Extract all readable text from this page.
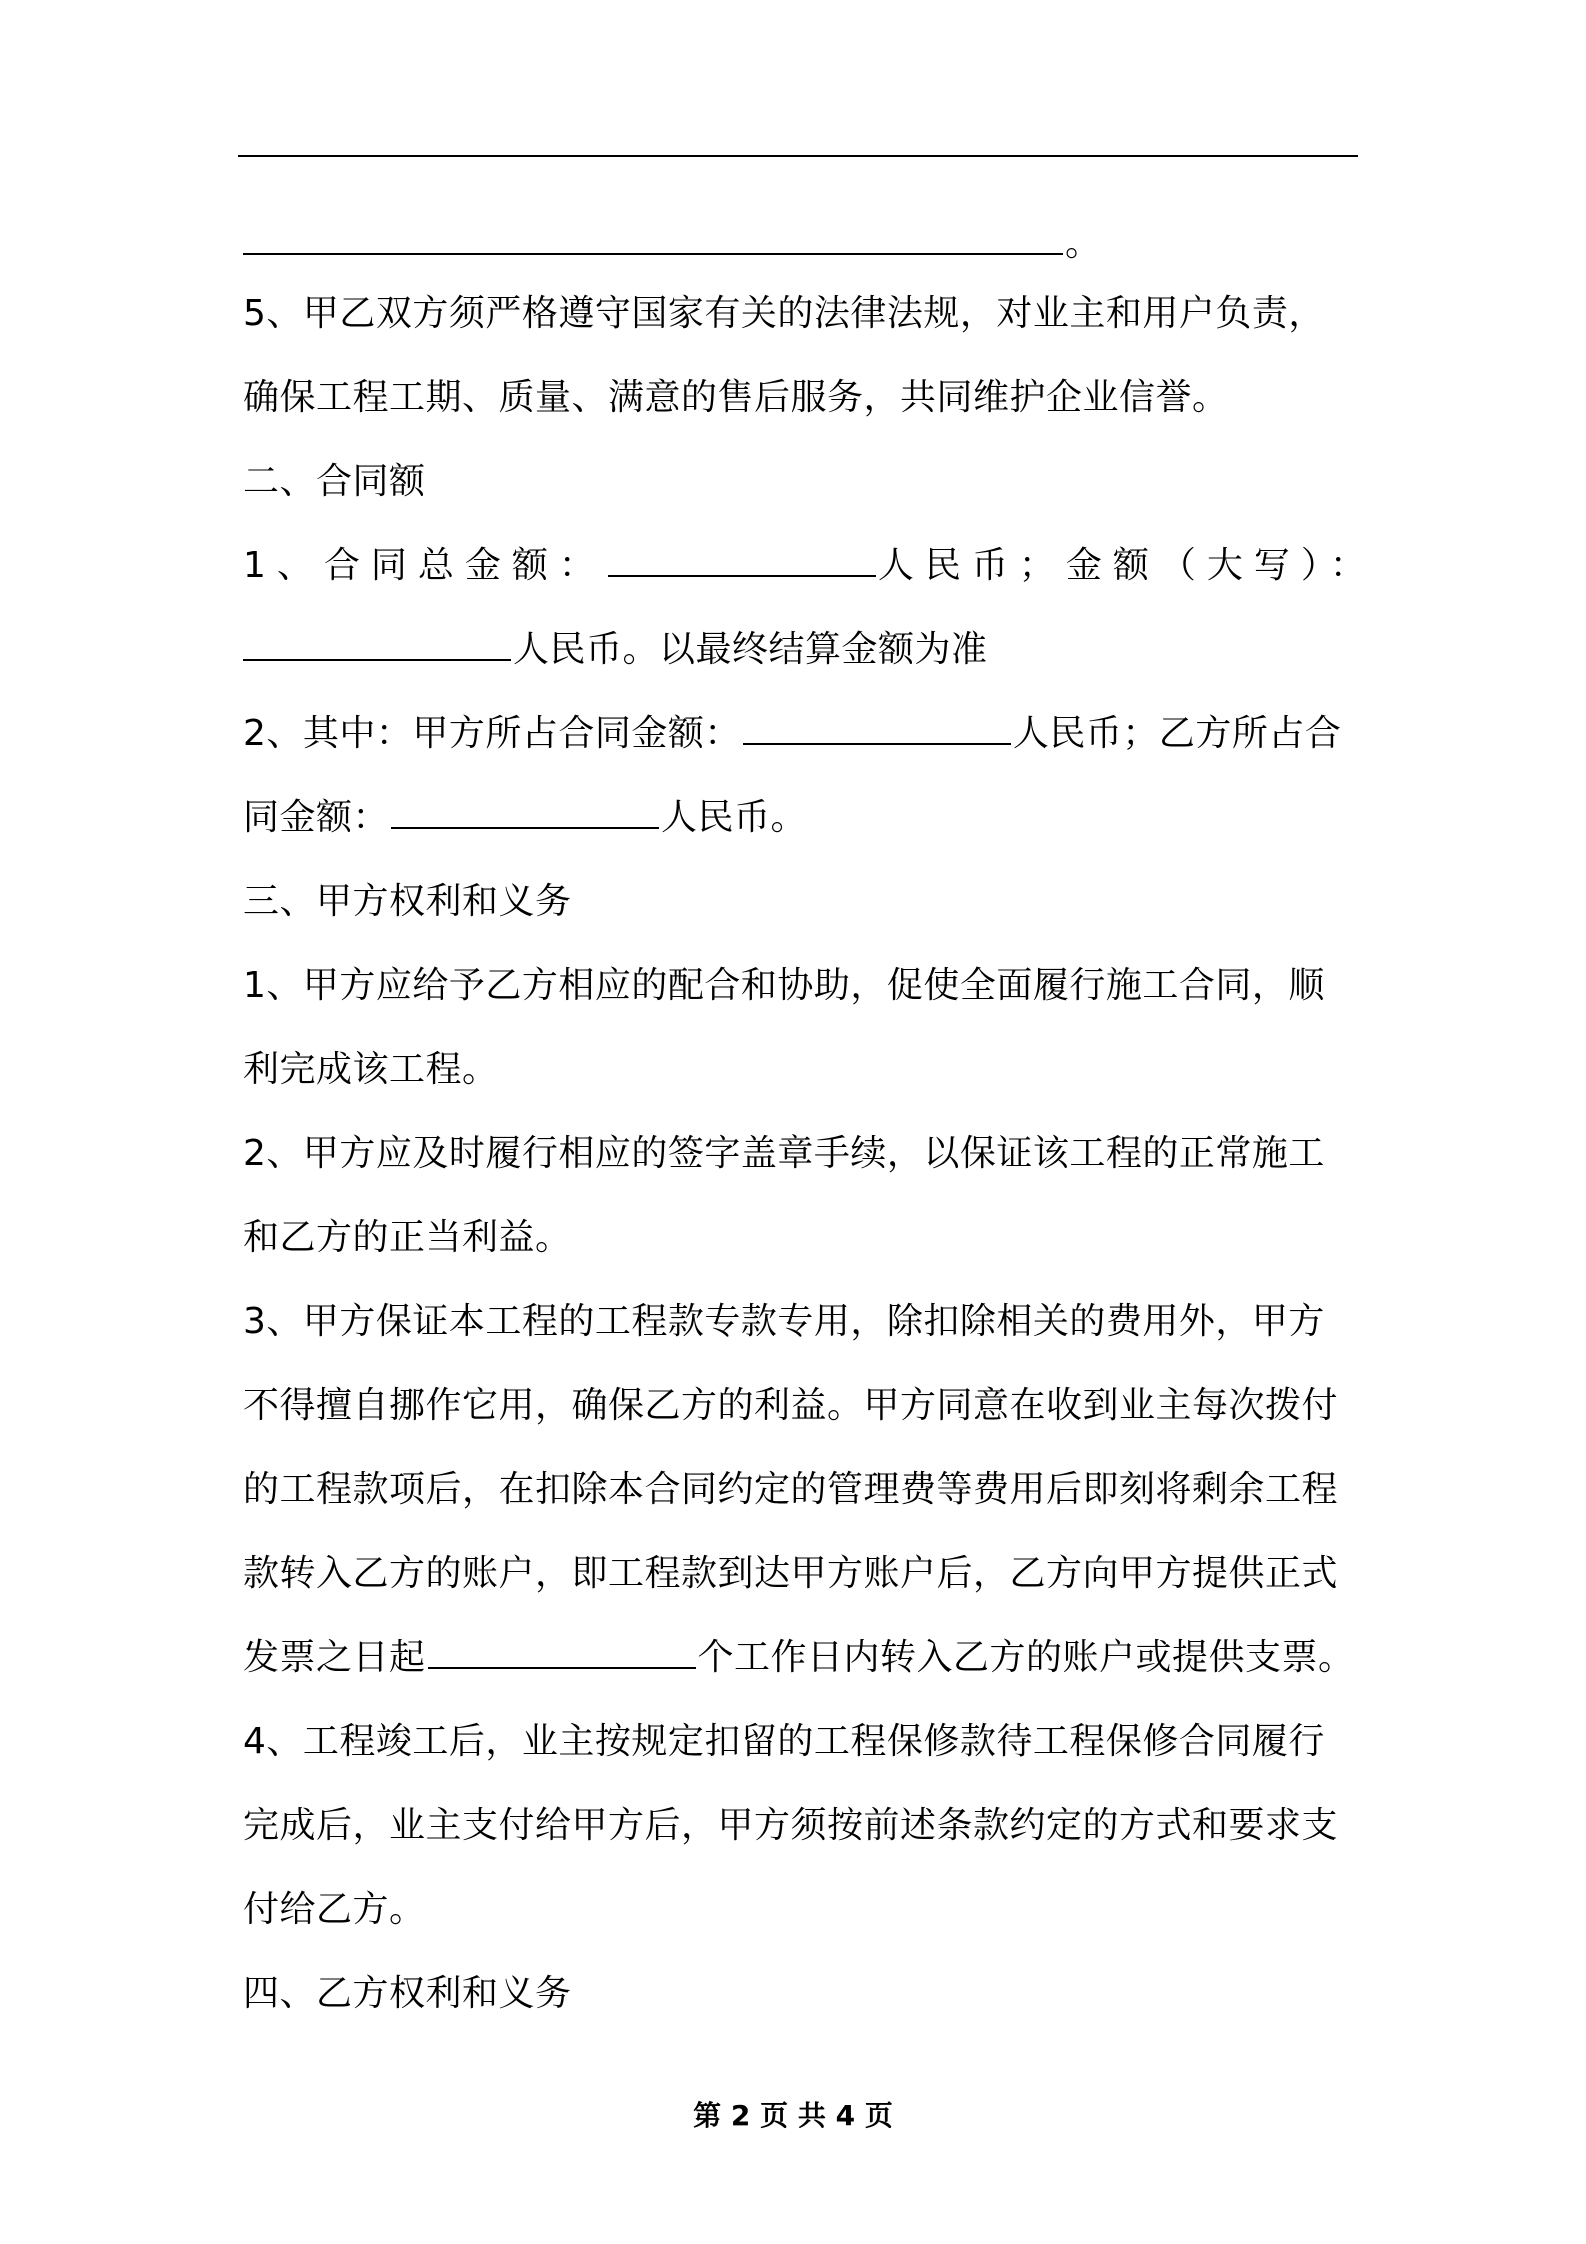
。
5、甲乙双方须严格遵守国家有关的法律法规，对业主和用户负责，
确保工程工期、质量、满意的售后服务，共同维护企业信誉。
二、合同额
1、合同总金额：	人民币；金额（大写）：
人民币。以最终结算金额为准
2、其中：甲方所占合同金额：	人民币；乙方所占合
同金额：	人民币。
三、甲方权利和义务
1、甲方应给予乙方相应的配合和协助，促使全面履行施工合同，顺
利完成该工程。
2、甲方应及时履行相应的签字盖章手续，以保证该工程的正常施工
和乙方的正当利益。
3、甲方保证本工程的工程款专款专用，除扣除相关的费用外，甲方
不得擅自挪作它用，确保乙方的利益。甲方同意在收到业主每次拨付
的工程款项后，在扣除本合同约定的管理费等费用后即刻将剩余工程
款转入乙方的账户，即工程款到达甲方账户后，乙方向甲方提供正式
发票之日起	个工作日内转入乙方的账户或提供支票。
4、工程竣工后，业主按规定扣留的工程保修款待工程保修合同履行
完成后，业主支付给甲方后，甲方须按前述条款约定的方式和要求支
付给乙方。
四、乙方权利和义务
第 2 页 共 4 页
